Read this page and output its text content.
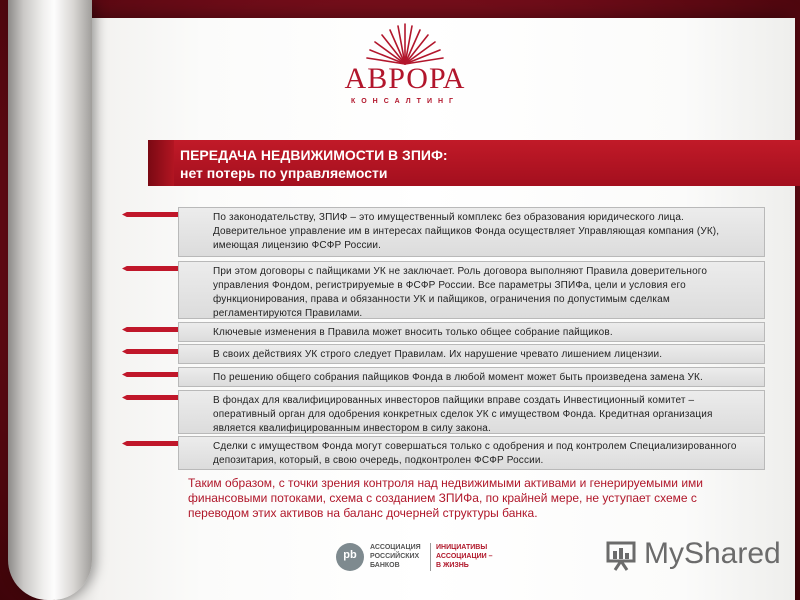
АВРОРА
КОНСАЛТИНГ
ПЕРЕДАЧА НЕДВИЖИМОСТИ В ЗПИФ:
нет потерь по управляемости
По законодательству, ЗПИФ – это имущественный комплекс без образования юридического лица. Доверительное управление им в интересах пайщиков Фонда осуществляет Управляющая компания (УК), имеющая лицензию ФСФР России.
При этом договоры с пайщиками УК не заключает. Роль договора выполняют Правила доверительного управления Фондом, регистрируемые в ФСФР России. Все параметры ЗПИФа, цели и условия его функционирования, права и обязанности УК и пайщиков, ограничения по допустимым сделкам регламентируются Правилами.
Ключевые изменения в Правила может вносить только общее собрание пайщиков.
В своих действиях УК строго следует Правилам. Их нарушение чревато лишением лицензии.
По решению общего собрания пайщиков Фонда в любой момент может быть произведена замена УК.
В фондах для квалифицированных инвесторов пайщики вправе создать Инвестиционный комитет – оперативный орган для одобрения конкретных сделок УК с имуществом Фонда. Кредитная организация является квалифицированным инвестором в силу закона.
Сделки с имуществом Фонда могут совершаться только с одобрения и под контролем Специализированного депозитария, который, в свою очередь, подконтролен ФСФР России.
Таким образом, с точки зрения контроля над недвижимыми активами и генерируемыми ими финансовыми потоками, схема с созданием ЗПИФа, по крайней мере, не уступает схеме с переводом этих активов на баланс дочерней структуры банка.
pb
АССОЦИАЦИЯ
РОССИЙСКИХ
БАНКОВ
ИНИЦИАТИВЫ
АССОЦИАЦИИ –
В ЖИЗНЬ	MyShared
